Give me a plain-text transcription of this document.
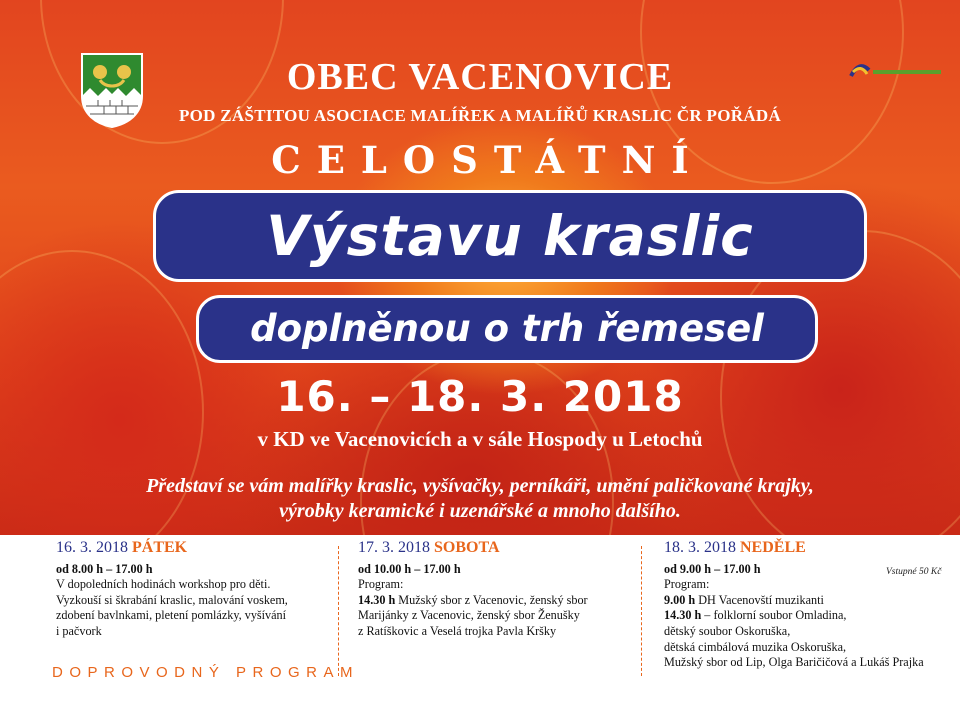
OBEC VACENOVICE
POD ZÁŠTITOU ASOCIACE MALÍŘEK A MALÍŘŮ KRASLIC ČR POŘÁDÁ
CELOSTÁTNÍ
Výstavu kraslic
doplněnou o trh řemesel
16. – 18. 3. 2018
v KD ve Vacenovicích a v sále Hospody u Letochů
Představí se vám malířky kraslic, vyšívačky, perníkáři, umění paličkované krajky,
výrobky keramické i uzenářské a mnoho dalšího.
16. 3. 2018 PÁTEK
od 8.00 h – 17.00 h
V dopoledních hodinách workshop pro děti.
Vyzkouší si škrabání kraslic, malování voskem,
zdobení bavlnkami, pletení pomlázky, vyšívání
i pačvork
17. 3. 2018 SOBOTA
od 10.00 h – 17.00 h
Program:
14.30 h Mužský sbor z Vacenovic, ženský sbor
Marijánky z Vacenovic, ženský sbor Ženušky
z Ratíškovic a Veselá trojka Pavla Kršky
18. 3. 2018 NEDĚLE
od 9.00 h – 17.00 h
Program:
9.00 h DH Vacenovští muzikanti
14.30 h – folklorní soubor Omladina,
dětský soubor Oskoruška,
dětská cimbálová muzika Oskoruška,
Mužský sbor od Lip, Olga Baričičová a Lukáš Prajka
Vstupné 50 Kč
DOPROVODNÝ PROGRAM
